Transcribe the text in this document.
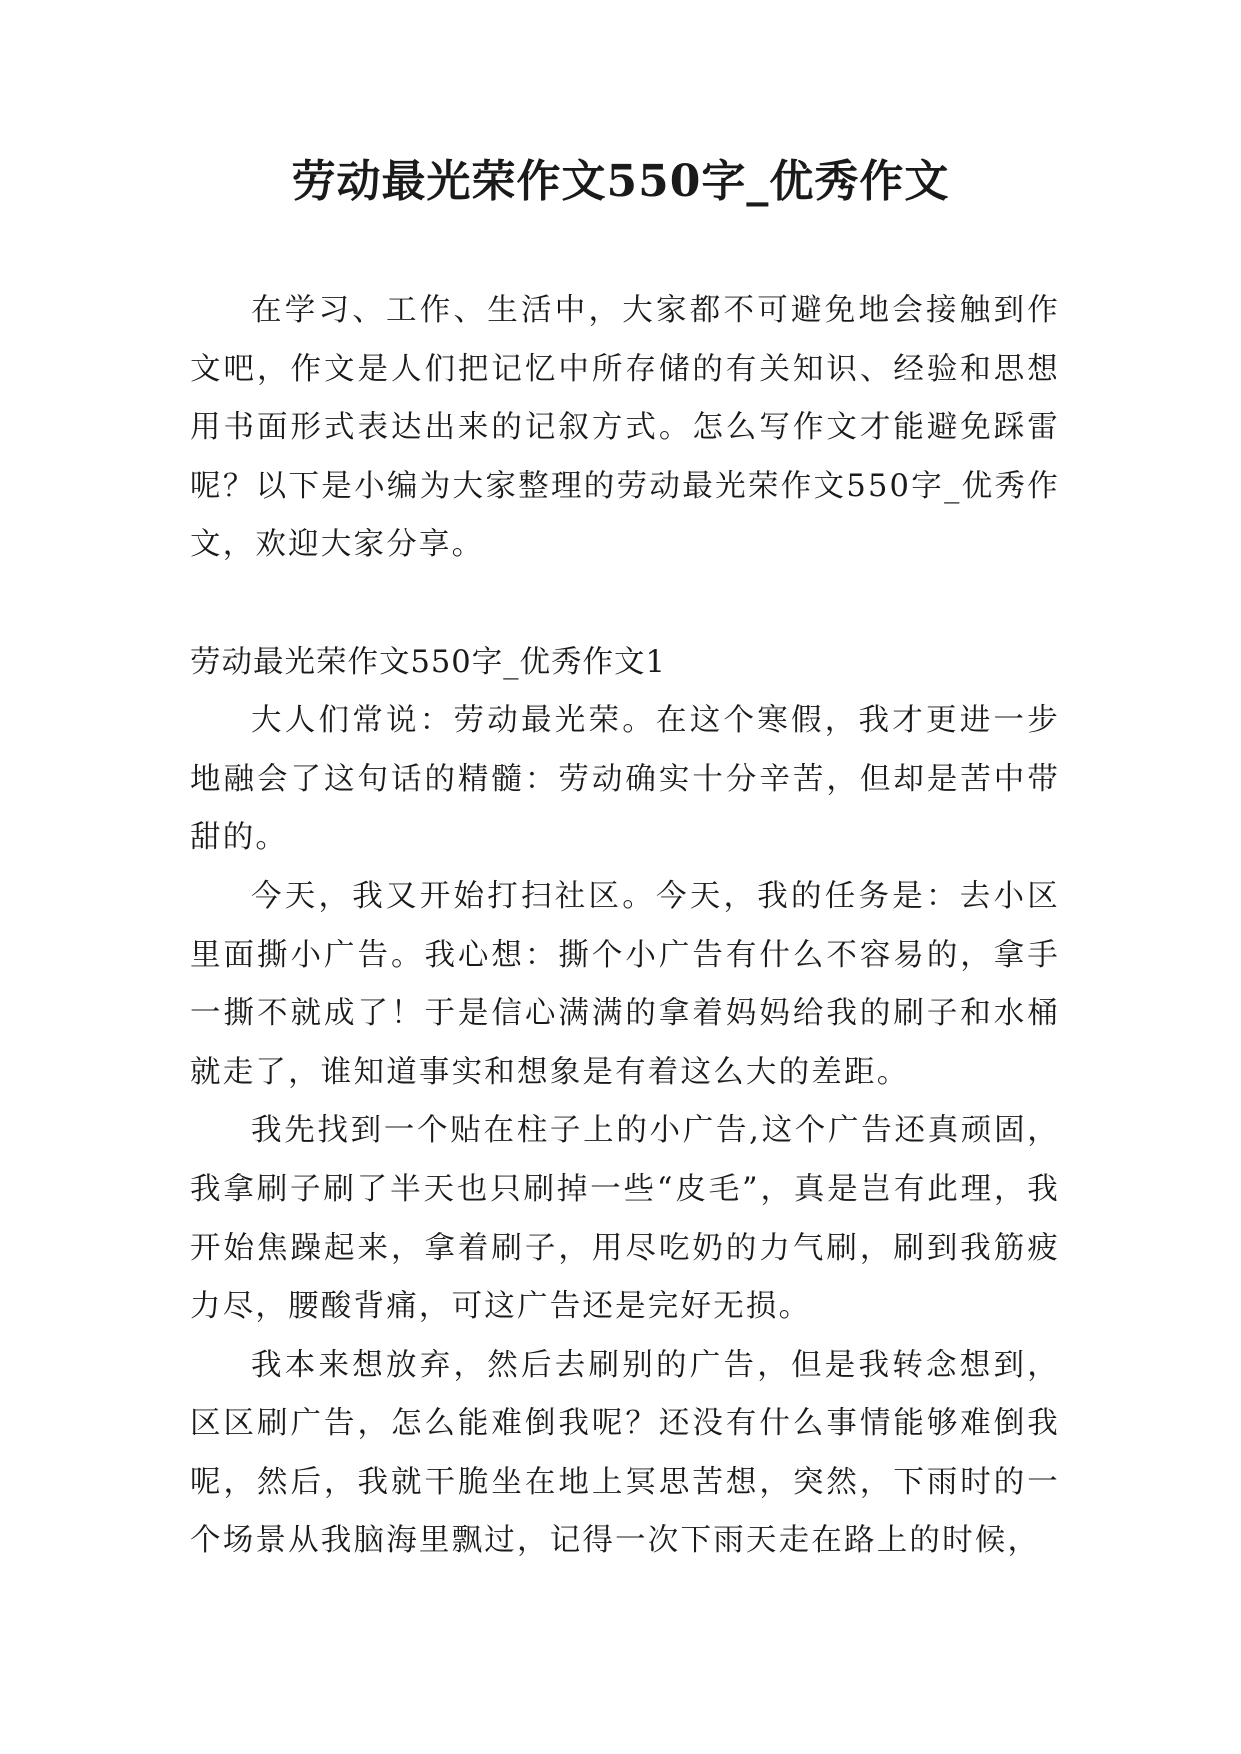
劳动最光荣作文550字_优秀作文

在学习、工作、生活中，大家都不可避免地会接触到作文吧，作文是人们把记忆中所存储的有关知识、经验和思想用书面形式表达出来的记叙方式。怎么写作文才能避免踩雷呢？以下是小编为大家整理的劳动最光荣作文550字_优秀作文，欢迎大家分享。

劳动最光荣作文550字_优秀作文1

大人们常说：劳动最光荣。在这个寒假，我才更进一步地融会了这句话的精髓：劳动确实十分辛苦，但却是苦中带甜的。

今天，我又开始打扫社区。今天，我的任务是：去小区里面撕小广告。我心想：撕个小广告有什么不容易的，拿手一撕不就成了！于是信心满满的拿着妈妈给我的刷子和水桶就走了，谁知道事实和想象是有着这么大的差距。

我先找到一个贴在柱子上的小广告,这个广告还真顽固，我拿刷子刷了半天也只刷掉一些“皮毛”，真是岂有此理，我开始焦躁起来，拿着刷子，用尽吃奶的力气刷，刷到我筋疲力尽，腰酸背痛，可这广告还是完好无损。

我本来想放弃，然后去刷别的广告，但是我转念想到，区区刷广告，怎么能难倒我呢？还没有什么事情能够难倒我呢，然后，我就干脆坐在地上冥思苦想，突然，下雨时的一个场景从我脑海里飘过，记得一次下雨天走在路上的时候，
